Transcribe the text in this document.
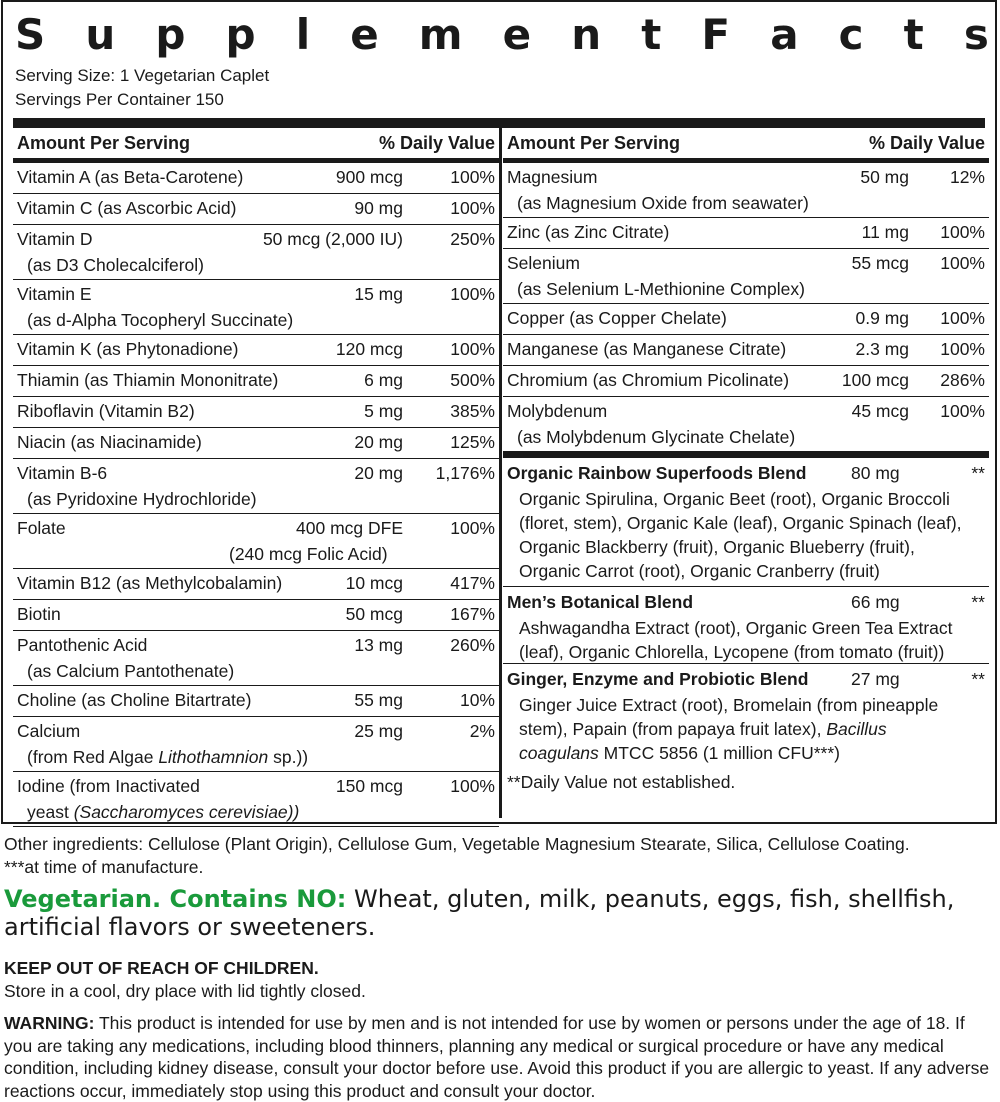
S u p p l e m e n t F a c t s
Serving Size: 1 Vegetarian Caplet
Servings Per Container 150
Amount Per Serving	% Daily Value
Vitamin A (as Beta-Carotene)	900 mcg	100%
Vitamin C (as Ascorbic Acid)	90 mg	100%
Vitamin D	50 mcg (2,000 IU)	250%
(as D3 Cholecalciferol)
Vitamin E	15 mg	100%
(as d-Alpha Tocopheryl Succinate)
Vitamin K (as Phytonadione)	120 mcg	100%
Thiamin (as Thiamin Mononitrate)	6 mg	500%
Riboflavin (Vitamin B2)	5 mg	385%
Niacin (as Niacinamide)	20 mg	125%
Vitamin B-6	20 mg 1,176%
(as Pyridoxine Hydrochloride)
Folate	400 mcg DFE	100%
(240 mcg Folic Acid)
Vitamin B12 (as Methylcobalamin)	10 mcg	417%
Biotin	50 mcg	167%
Pantothenic Acid	13 mg	260%
(as Calcium Pantothenate)
Choline (as Choline Bitartrate)	55 mg	10%
Calcium	25 mg	2%
(from Red Algae Lithothamnion sp.))
Iodine (from Inactivated	150 mcg	100%
yeast (Saccharomyces cerevisiae))
Amount Per Serving	% Daily Value
Magnesium	50 mg 12%
(as Magnesium Oxide from seawater)
Zinc (as Zinc Citrate)	11 mg 100%
Selenium	55 mcg 100%
(as Selenium L-Methionine Complex)
Copper (as Copper Chelate)	0.9 mg 100%
Manganese (as Manganese Citrate)	2.3 mg 100%
Chromium (as Chromium Picolinate)	100 mcg 286%
Molybdenum	45 mcg 100%
(as Molybdenum Glycinate Chelate)
Organic Rainbow Superfoods Blend	80 mg	**
Organic Spirulina, Organic Beet (root), Organic Broccoli
(floret, stem), Organic Kale (leaf), Organic Spinach (leaf),
Organic Blackberry (fruit), Organic Blueberry (fruit),
Organic Carrot (root), Organic Cranberry (fruit)
Men’s Botanical Blend	66 mg	**
Ashwagandha Extract (root), Organic Green Tea Extract
(leaf), Organic Chlorella, Lycopene (from tomato (fruit))
Ginger, Enzyme and Probiotic Blend 27 mg	**
Ginger Juice Extract (root), Bromelain (from pineapple
stem), Papain (from papaya fruit latex), Bacillus
coagulans MTCC 5856 (1 million CFU***)
**Daily Value not established.
Other ingredients: Cellulose (Plant Origin), Cellulose Gum, Vegetable Magnesium Stearate, Silica, Cellulose Coating.
***at time of manufacture.
Vegetarian. Contains NO: Wheat, gluten, milk, peanuts, eggs, fish, shellfish, artificial flavors or sweeteners.
KEEP OUT OF REACH OF CHILDREN.
Store in a cool, dry place with lid tightly closed.
WARNING: This product is intended for use by men and is not intended for use by women or persons under the age of 18. If you are taking any medications, including blood thinners, planning any medical or surgical procedure or have any medical condition, including kidney disease, consult your doctor before use. Avoid this product if you are allergic to yeast. If any adverse reactions occur, immediately stop using this product and consult your doctor.
